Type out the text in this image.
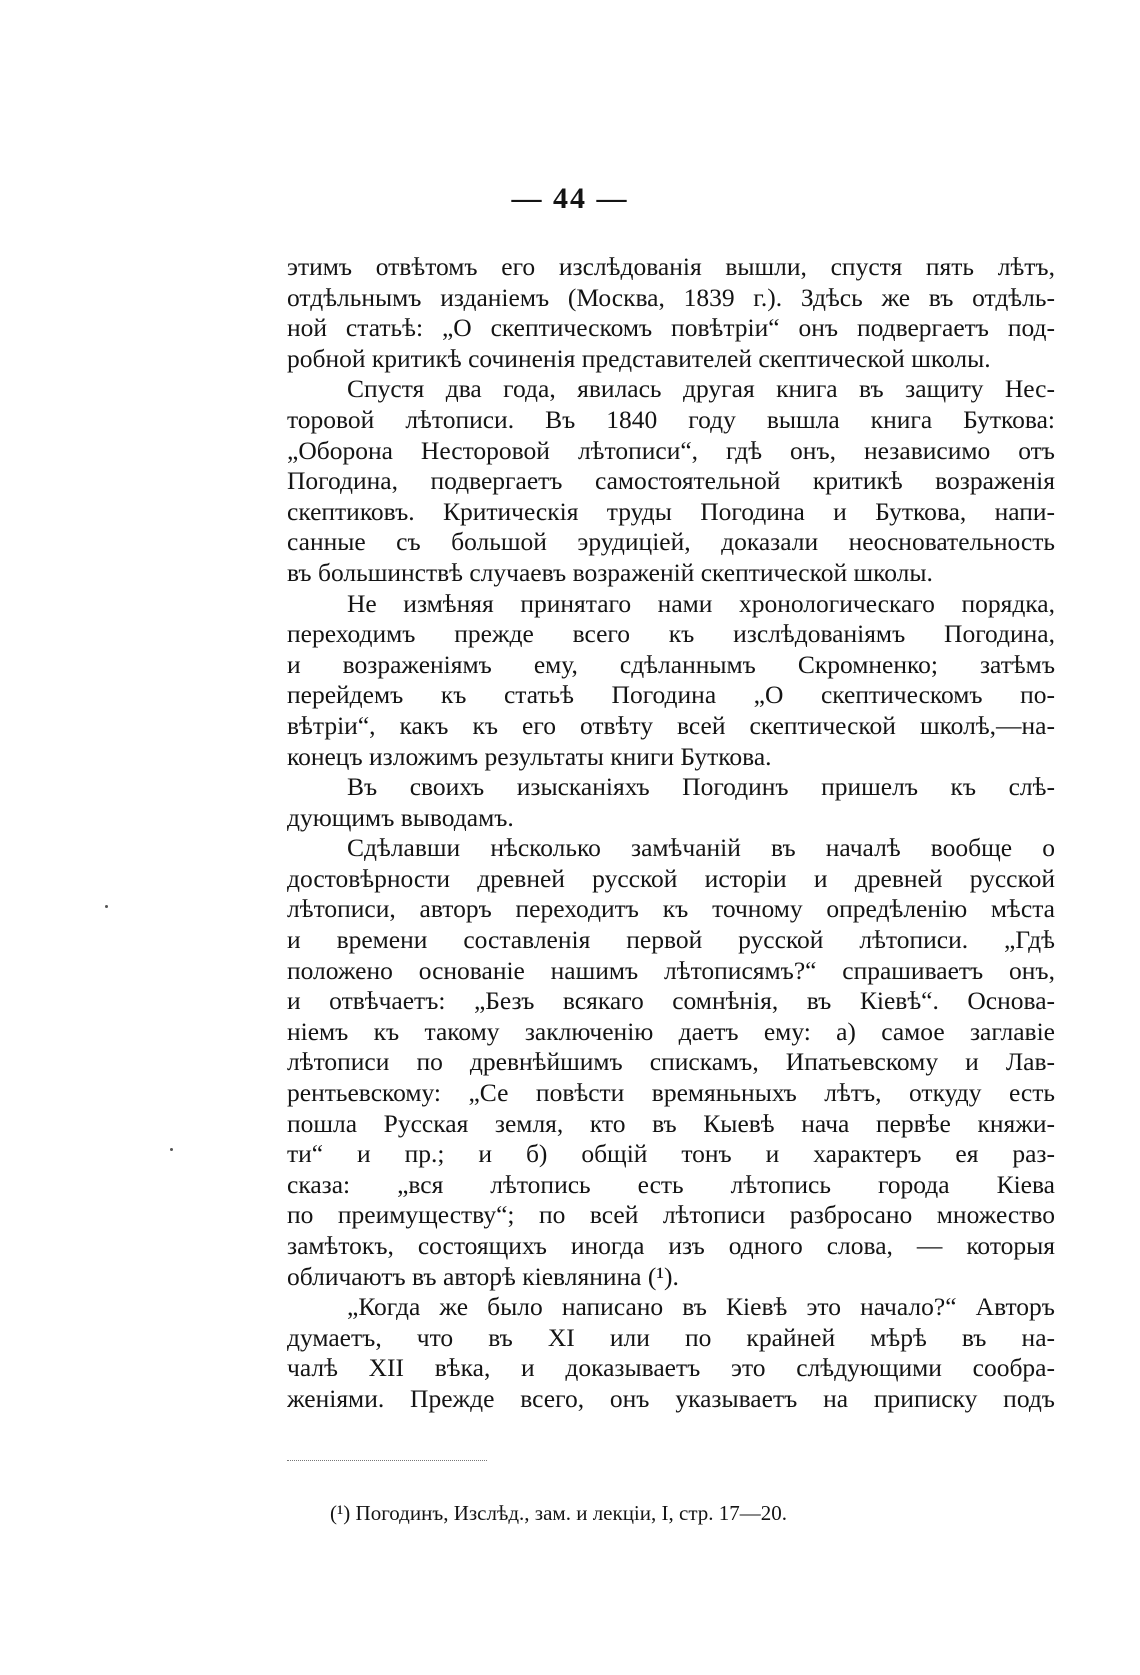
— 44 —
этимъ отвѣтомъ его изслѣдованія вышли, спустя пять лѣтъ,
отдѣльнымъ изданіемъ (Москва, 1839 г.). Здѣсь же въ отдѣль-
ной статьѣ: „О скептическомъ повѣтріи“ онъ подвергаетъ под-
робной критикѣ сочиненія представителей скептической школы.
Спустя два года, явилась другая книга въ защиту Нес-
торовой лѣтописи. Въ 1840 году вышла книга Буткова:
„Оборона Несторовой лѣтописи“, гдѣ онъ, независимо отъ
Погодина, подвергаетъ самостоятельной критикѣ возраженія
скептиковъ. Критическія труды Погодина и Буткова, напи-
санные съ большой эрудиціей, доказали неосновательность
въ большинствѣ случаевъ возраженій скептической школы.
Не измѣняя принятаго нами хронологическаго порядка,
переходимъ прежде всего къ изслѣдованіямъ Погодина,
и возраженіямъ ему, сдѣланнымъ Скромненко; затѣмъ
перейдемъ къ статьѣ Погодина „О скептическомъ по-
вѣтріи“, какъ къ его отвѣту всей скептической школѣ,—на-
конецъ изложимъ результаты книги Буткова.
Въ своихъ изысканіяхъ Погодинъ пришелъ къ слѣ-
дующимъ выводамъ.
Сдѣлавши нѣсколько замѣчаній въ началѣ вообще о
достовѣрности древней русской исторіи и древней русской
лѣтописи, авторъ переходитъ къ точному опредѣленію мѣста
и времени составленія первой русской лѣтописи. „Гдѣ
положено основаніе нашимъ лѣтописямъ?“ спрашиваетъ онъ,
и отвѣчаетъ: „Безъ всякаго сомнѣнія, въ Кіевѣ“. Основа-
ніемъ къ такому заключенію даетъ ему: а) самое заглавіе
лѣтописи по древнѣйшимъ спискамъ, Ипатьевскому и Лав-
рентьевскому: „Се повѣсти времяньныхъ лѣтъ, откуду есть
пошла Русская земля, кто въ Кыевѣ нача первѣе княжи-
ти“ и пр.; и б) общій тонъ и характеръ ея раз-
сказа: „вся лѣтопись есть лѣтопись города Кіева
по преимуществу“; по всей лѣтописи разбросано множество
замѣтокъ, состоящихъ иногда изъ одного слова, — которыя
обличаютъ въ авторѣ кіевлянина (¹).
„Когда же было написано въ Кіевѣ это начало?“ Авторъ
думаетъ, что въ XI или по крайней мѣрѣ въ на-
чалѣ XII вѣка, и доказываетъ это слѣдующими сообра-
женіями. Прежде всего, онъ указываетъ на приписку подъ
(¹) Погодинъ, Изслѣд., зам. и лекціи, I, стр. 17—20.
